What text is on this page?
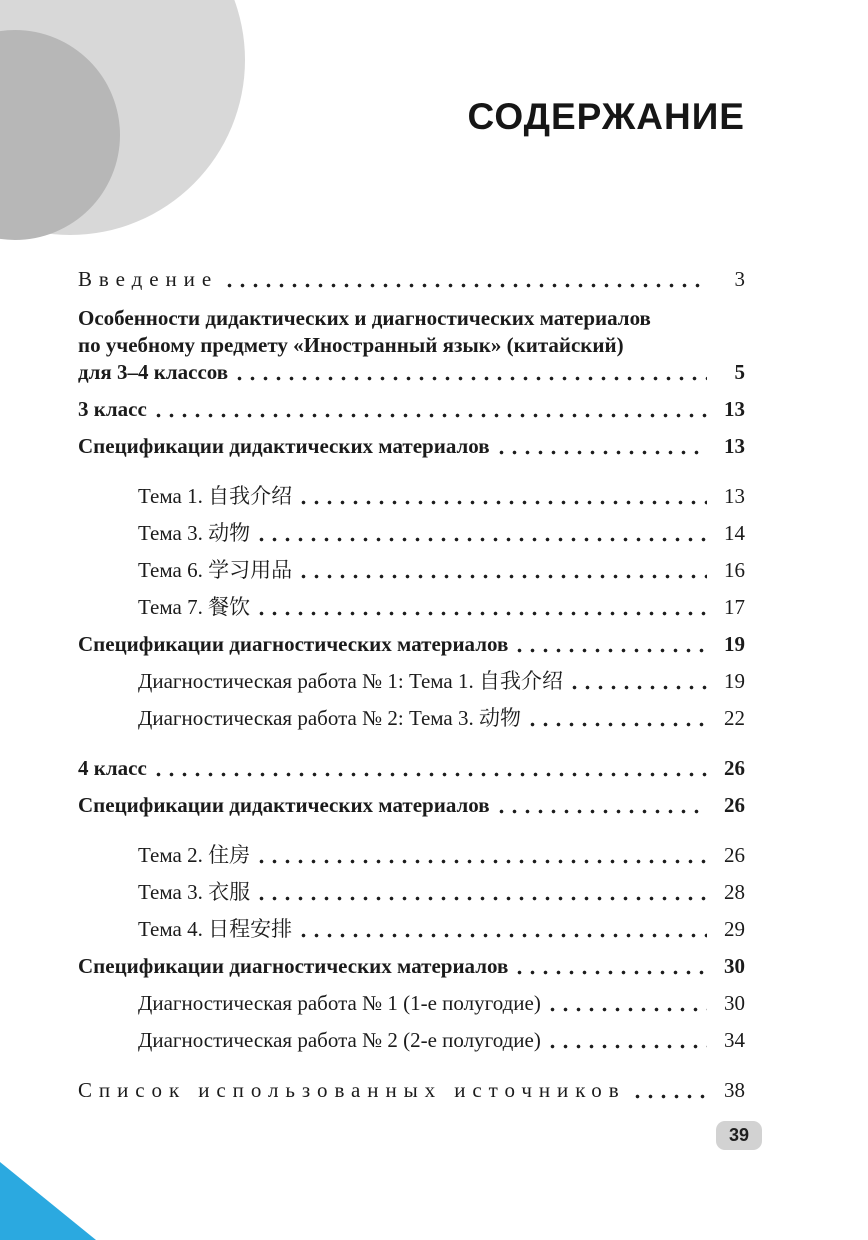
СОДЕРЖАНИЕ
Введение	3
Особенности дидактических и диагностических материалов
по учебному предмету «Иностранный язык» (китайский)
для 3–4 классов	5
3 класс	13
Спецификации дидактических материалов	13
Тема 1. 自我介绍	13
Тема 3. 动物	14
Тема 6. 学习用品	16
Тема 7. 餐饮	17
Спецификации диагностических материалов	19
Диагностическая работа № 1: Тема 1. 自我介绍	19
Диагностическая работа № 2: Тема 3. 动物	22
4 класс	26
Спецификации дидактических материалов	26
Тема 2. 住房	26
Тема 3. 衣服	28
Тема 4. 日程安排	29
Спецификации диагностических материалов	30
Диагностическая работа № 1 (1-е полугодие)	30
Диагностическая работа № 2 (2-е полугодие)	34
Список использованных источников	38
39
